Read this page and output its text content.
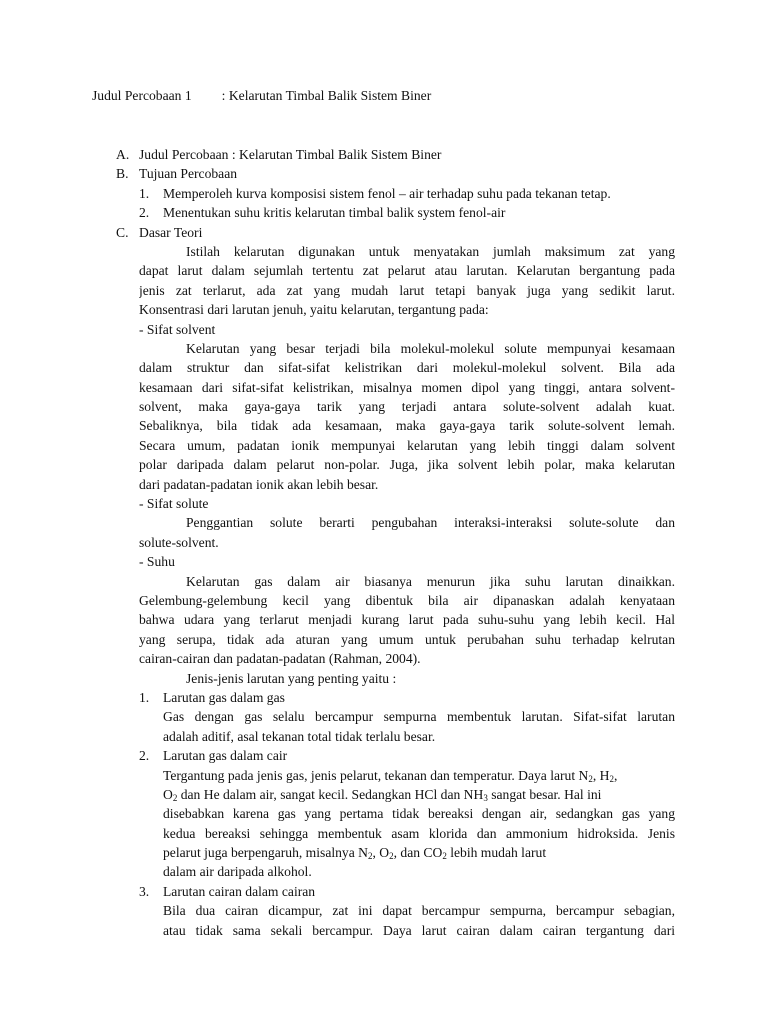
Judul Percobaan 1 : Kelarutan Timbal Balik Sistem Biner
A. Judul Percobaan : Kelarutan Timbal Balik Sistem Biner
B. Tujuan Percobaan
1. Memperoleh kurva komposisi sistem fenol – air terhadap suhu pada tekanan tetap.
2. Menentukan suhu kritis kelarutan timbal balik system fenol-air
C. Dasar Teori
Istilah kelarutan digunakan untuk menyatakan jumlah maksimum zat yang
dapat larut dalam sejumlah tertentu zat pelarut atau larutan. Kelarutan bergantung pada
jenis zat terlarut, ada zat yang mudah larut tetapi banyak juga yang sedikit larut.
Konsentrasi dari larutan jenuh, yaitu kelarutan, tergantung pada:
- Sifat solvent
Kelarutan yang besar terjadi bila molekul-molekul solute mempunyai kesamaan
dalam struktur dan sifat-sifat kelistrikan dari molekul-molekul solvent. Bila ada
kesamaan dari sifat-sifat kelistrikan, misalnya momen dipol yang tinggi, antara solvent-
solvent, maka gaya-gaya tarik yang terjadi antara solute-solvent adalah kuat.
Sebaliknya, bila tidak ada kesamaan, maka gaya-gaya tarik solute-solvent lemah.
Secara umum, padatan ionik mempunyai kelarutan yang lebih tinggi dalam solvent
polar daripada dalam pelarut non-polar. Juga, jika solvent lebih polar, maka kelarutan
dari padatan-padatan ionik akan lebih besar.
- Sifat solute
Penggantian solute berarti pengubahan interaksi-interaksi solute-solute dan
solute-solvent.
- Suhu
Kelarutan gas dalam air biasanya menurun jika suhu larutan dinaikkan.
Gelembung-gelembung kecil yang dibentuk bila air dipanaskan adalah kenyataan
bahwa udara yang terlarut menjadi kurang larut pada suhu-suhu yang lebih kecil. Hal
yang serupa, tidak ada aturan yang umum untuk perubahan suhu terhadap kelrutan
cairan-cairan dan padatan-padatan (Rahman, 2004).
Jenis-jenis larutan yang penting yaitu :
1. Larutan gas dalam gas
Gas dengan gas selalu bercampur sempurna membentuk larutan. Sifat-sifat larutan
adalah aditif, asal tekanan total tidak terlalu besar.
2. Larutan gas dalam cair
Tergantung pada jenis gas, jenis pelarut, tekanan dan temperatur. Daya larut $N_2$, $H_2$,
$O_2$ dan He dalam air, sangat kecil. Sedangkan HCl dan $NH_3$ sangat besar. Hal ini
disebabkan karena gas yang pertama tidak bereaksi dengan air, sedangkan gas yang
kedua bereaksi sehingga membentuk asam klorida dan ammonium hidroksida. Jenis
pelarut juga berpengaruh, misalnya $N_2$, $O_2$, dan $CO_2$ lebih mudah larut
dalam air daripada alkohol.
3. Larutan cairan dalam cairan
Bila dua cairan dicampur, zat ini dapat bercampur sempurna, bercampur sebagian,
atau tidak sama sekali bercampur. Daya larut cairan dalam cairan tergantung dari
